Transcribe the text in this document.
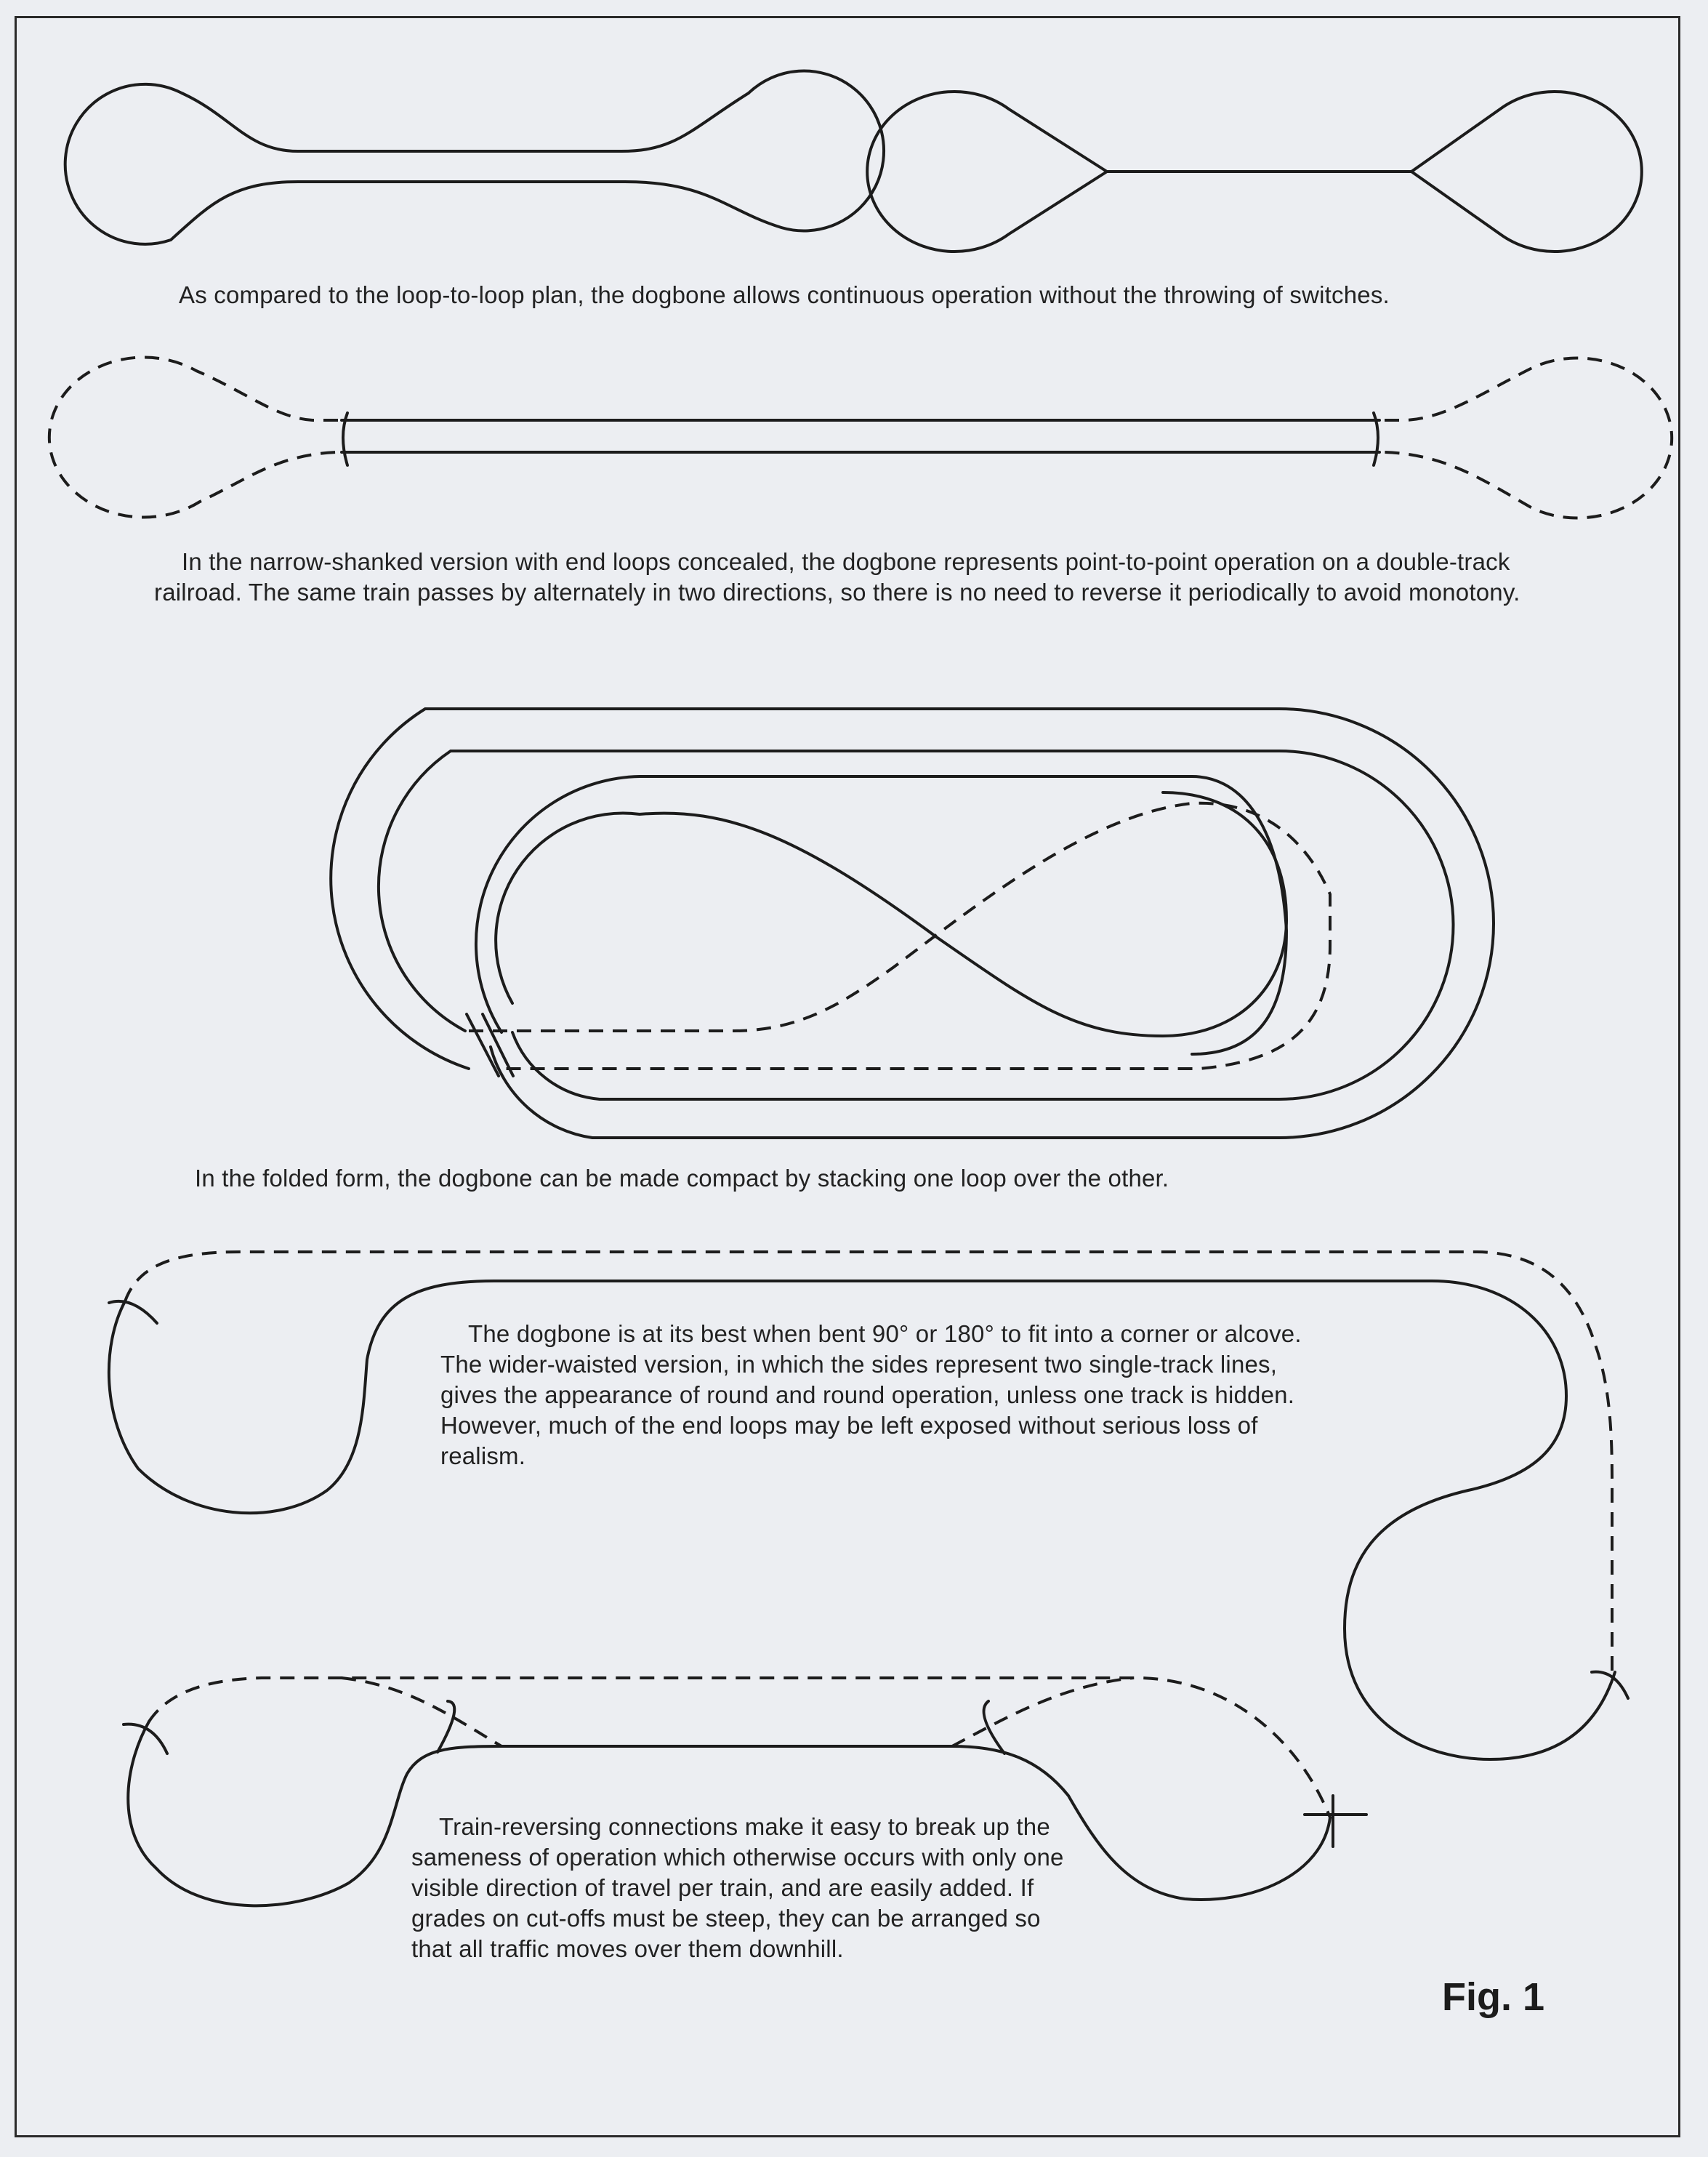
As compared to the loop-to-loop plan, the dogbone allows continuous operation without the throwing of switches.

In the narrow-shanked version with end loops concealed, the dogbone represents point-to-point operation on a double-track railroad. The same train passes by alternately in two directions, so there is no need to reverse it periodically to avoid monotony.

In the folded form, the dogbone can be made compact by stacking one loop over the other.

The dogbone is at its best when bent 90° or 180° to fit into a corner or alcove. The wider-waisted version, in which the sides represent two single-track lines, gives the appearance of round and round operation, unless one track is hidden. However, much of the end loops may be left exposed without serious loss of realism.

Train-reversing connections make it easy to break up the sameness of operation which otherwise occurs with only one visible direction of travel per train, and are easily added. If grades on cut-offs must be steep, they can be arranged so that all traffic moves over them downhill.

Fig. 1
